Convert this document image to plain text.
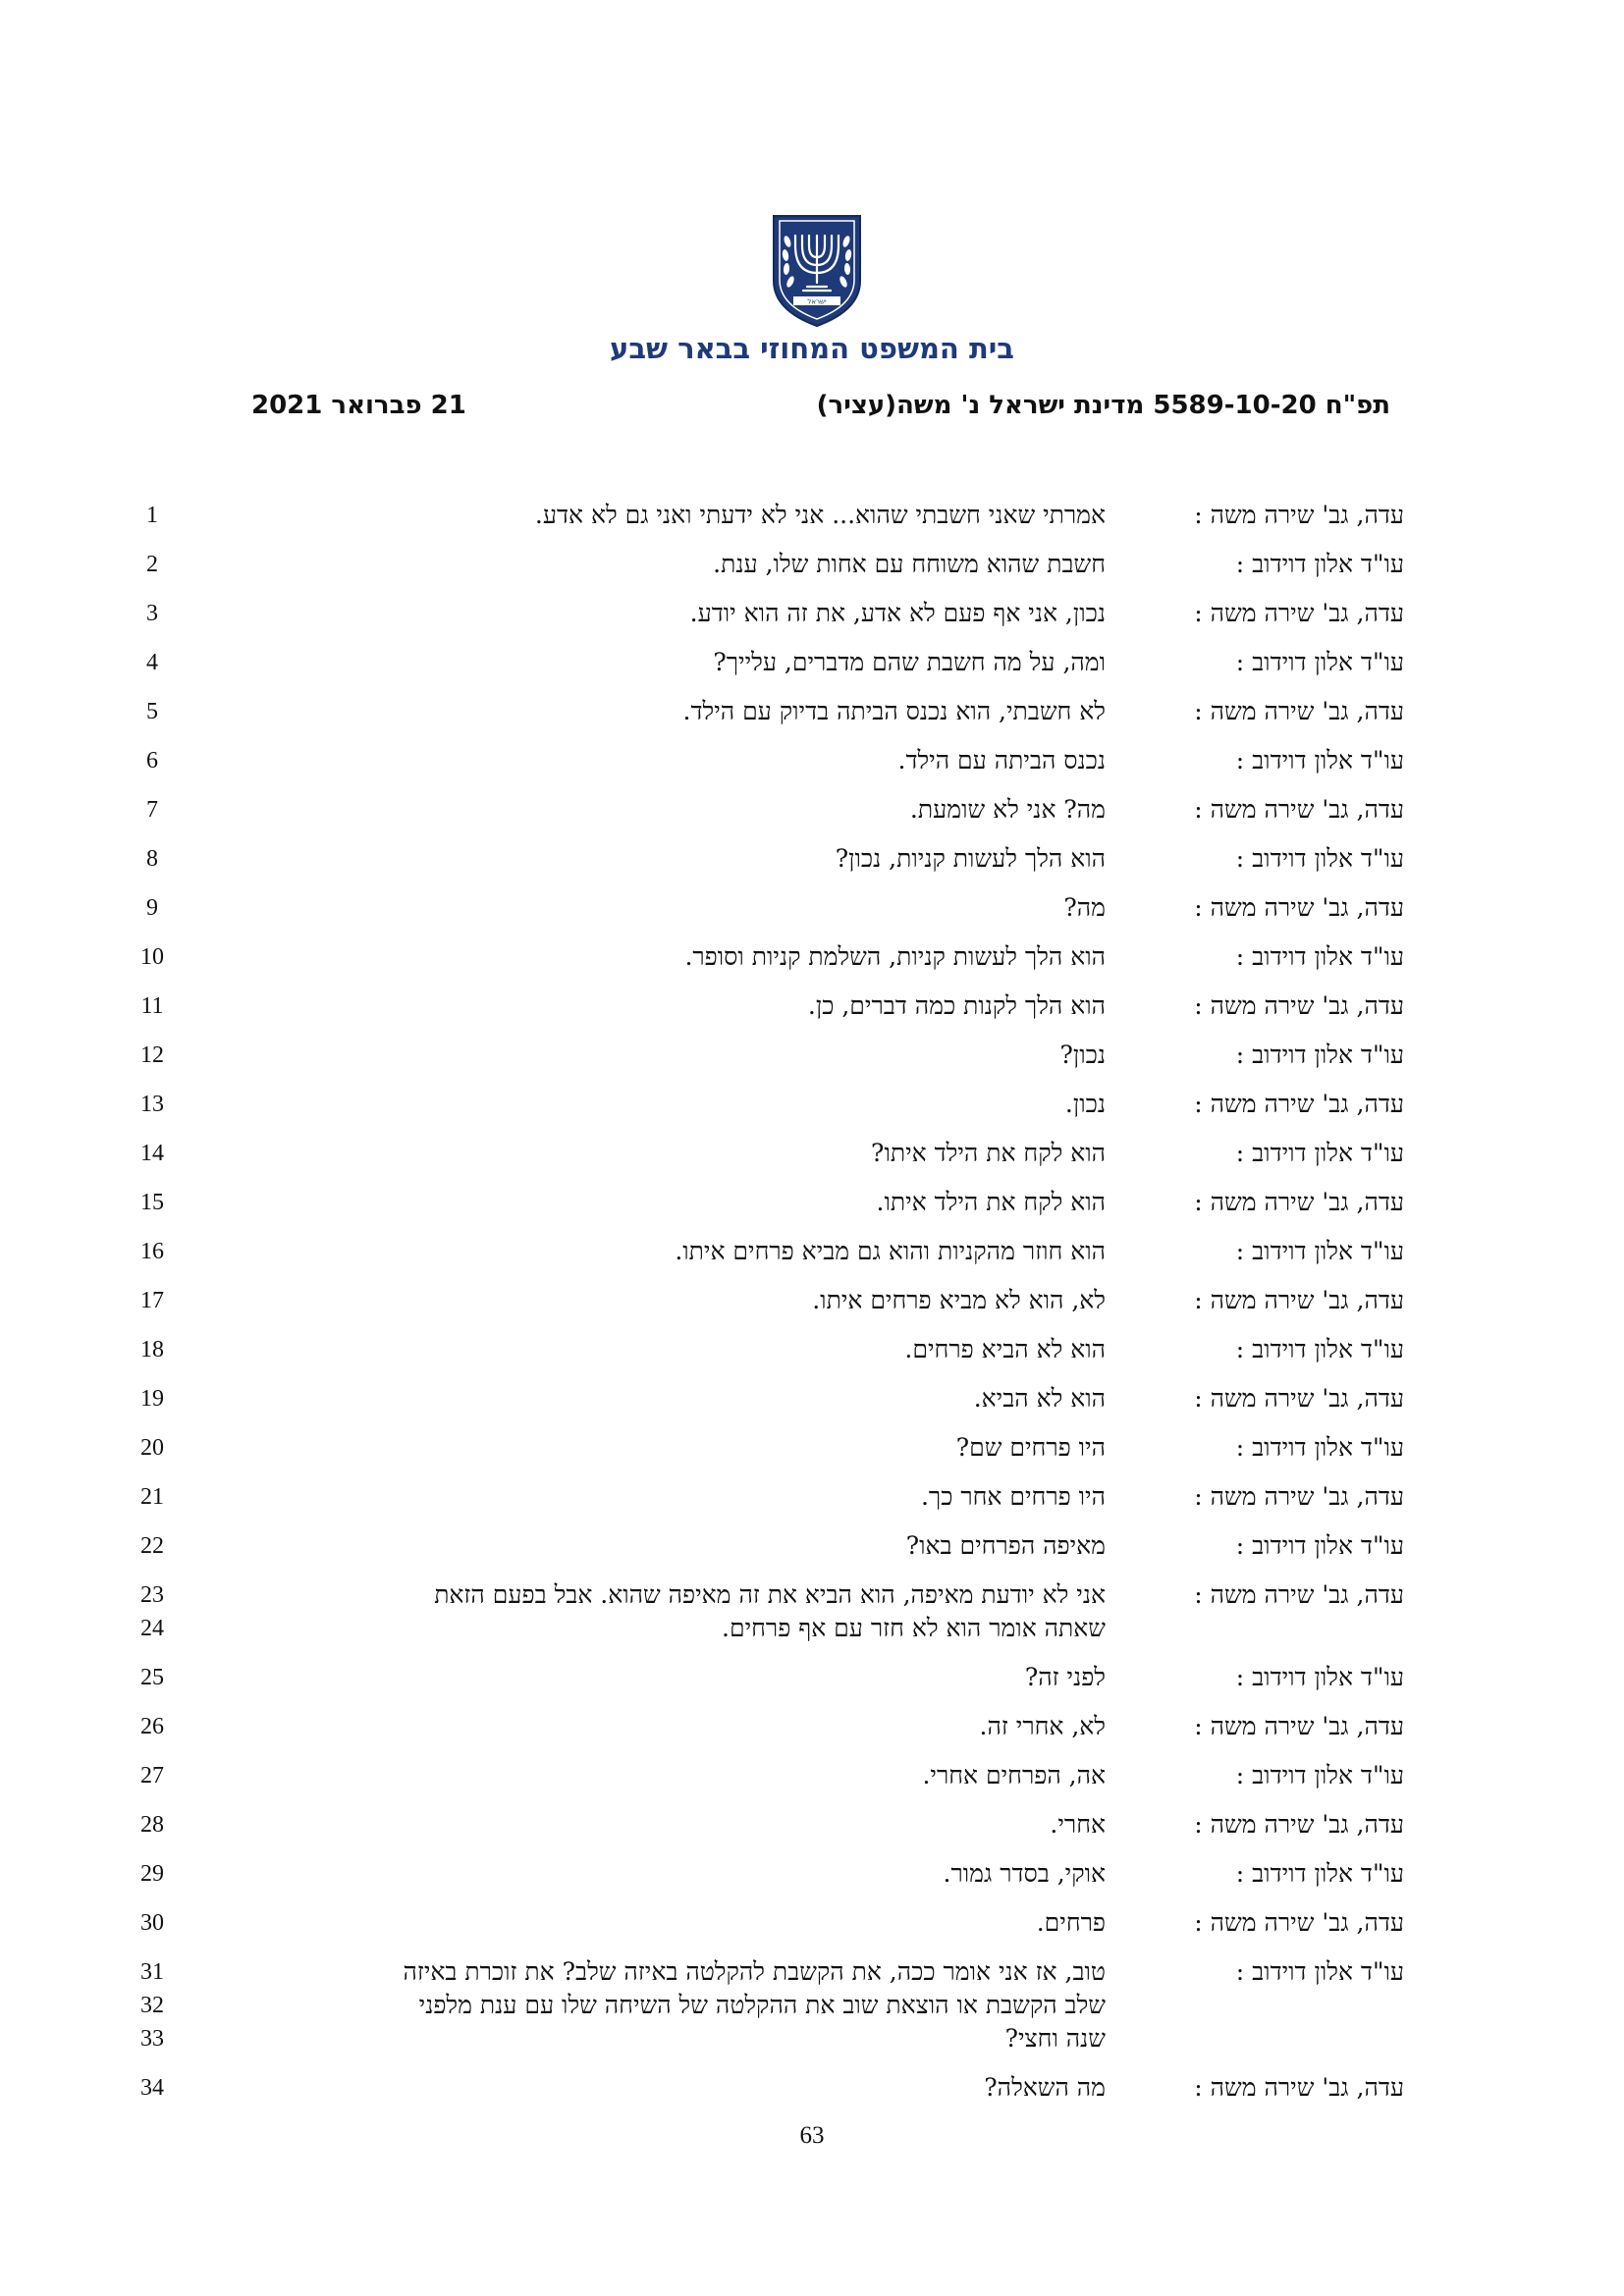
ישראל
בית המשפט המחוזי בבאר שבע
תפ"ח 5589-10-20 מדינת ישראל נ' משה(עציר)
21 פברואר 2021
עדה, גב' שירה משה :
אמרתי שאני חשבתי שהוא... אני לא ידעתי ואני גם לא אדע.
1
עו"ד אלון דוידוב :
חשבת שהוא משוחח עם אחות שלו, ענת.
2
עדה, גב' שירה משה :
נכון, אני אף פעם לא אדע, את זה הוא יודע.
3
עו"ד אלון דוידוב :
ומה, על מה חשבת שהם מדברים, עלייך?
4
עדה, גב' שירה משה :
לא חשבתי, הוא נכנס הביתה בדיוק עם הילד.
5
עו"ד אלון דוידוב :
נכנס הביתה עם הילד.
6
עדה, גב' שירה משה :
מה? אני לא שומעת.
7
עו"ד אלון דוידוב :
הוא הלך לעשות קניות, נכון?
8
עדה, גב' שירה משה :
מה?
9
עו"ד אלון דוידוב :
הוא הלך לעשות קניות, השלמת קניות וסופר.
10
עדה, גב' שירה משה :
הוא הלך לקנות כמה דברים, כן.
11
עו"ד אלון דוידוב :
נכון?
12
עדה, גב' שירה משה :
נכון.
13
עו"ד אלון דוידוב :
הוא לקח את הילד איתו?
14
עדה, גב' שירה משה :
הוא לקח את הילד איתו.
15
עו"ד אלון דוידוב :
הוא חוזר מהקניות והוא גם מביא פרחים איתו.
16
עדה, גב' שירה משה :
לא, הוא לא מביא פרחים איתו.
17
עו"ד אלון דוידוב :
הוא לא הביא פרחים.
18
עדה, גב' שירה משה :
הוא לא הביא.
19
עו"ד אלון דוידוב :
היו פרחים שם?
20
עדה, גב' שירה משה :
היו פרחים אחר כך.
21
עו"ד אלון דוידוב :
מאיפה הפרחים באו?
22
עדה, גב' שירה משה :
אני לא יודעת מאיפה, הוא הביא את זה מאיפה שהוא. אבל בפעם הזאת
שאתה אומר הוא לא חזר עם אף פרחים.
23
24
עו"ד אלון דוידוב :
לפני זה?
25
עדה, גב' שירה משה :
לא, אחרי זה.
26
עו"ד אלון דוידוב :
אה, הפרחים אחרי.
27
עדה, גב' שירה משה :
אחרי.
28
עו"ד אלון דוידוב :
אוקי, בסדר גמור.
29
עדה, גב' שירה משה :
פרחים.
30
עו"ד אלון דוידוב :
טוב, אז אני אומר ככה, את הקשבת להקלטה באיזה שלב? את זוכרת באיזה
שלב הקשבת או הוצאת שוב את ההקלטה של השיחה שלו עם ענת מלפני
שנה וחצי?
31
32
33
עדה, גב' שירה משה :
מה השאלה?
34
63
